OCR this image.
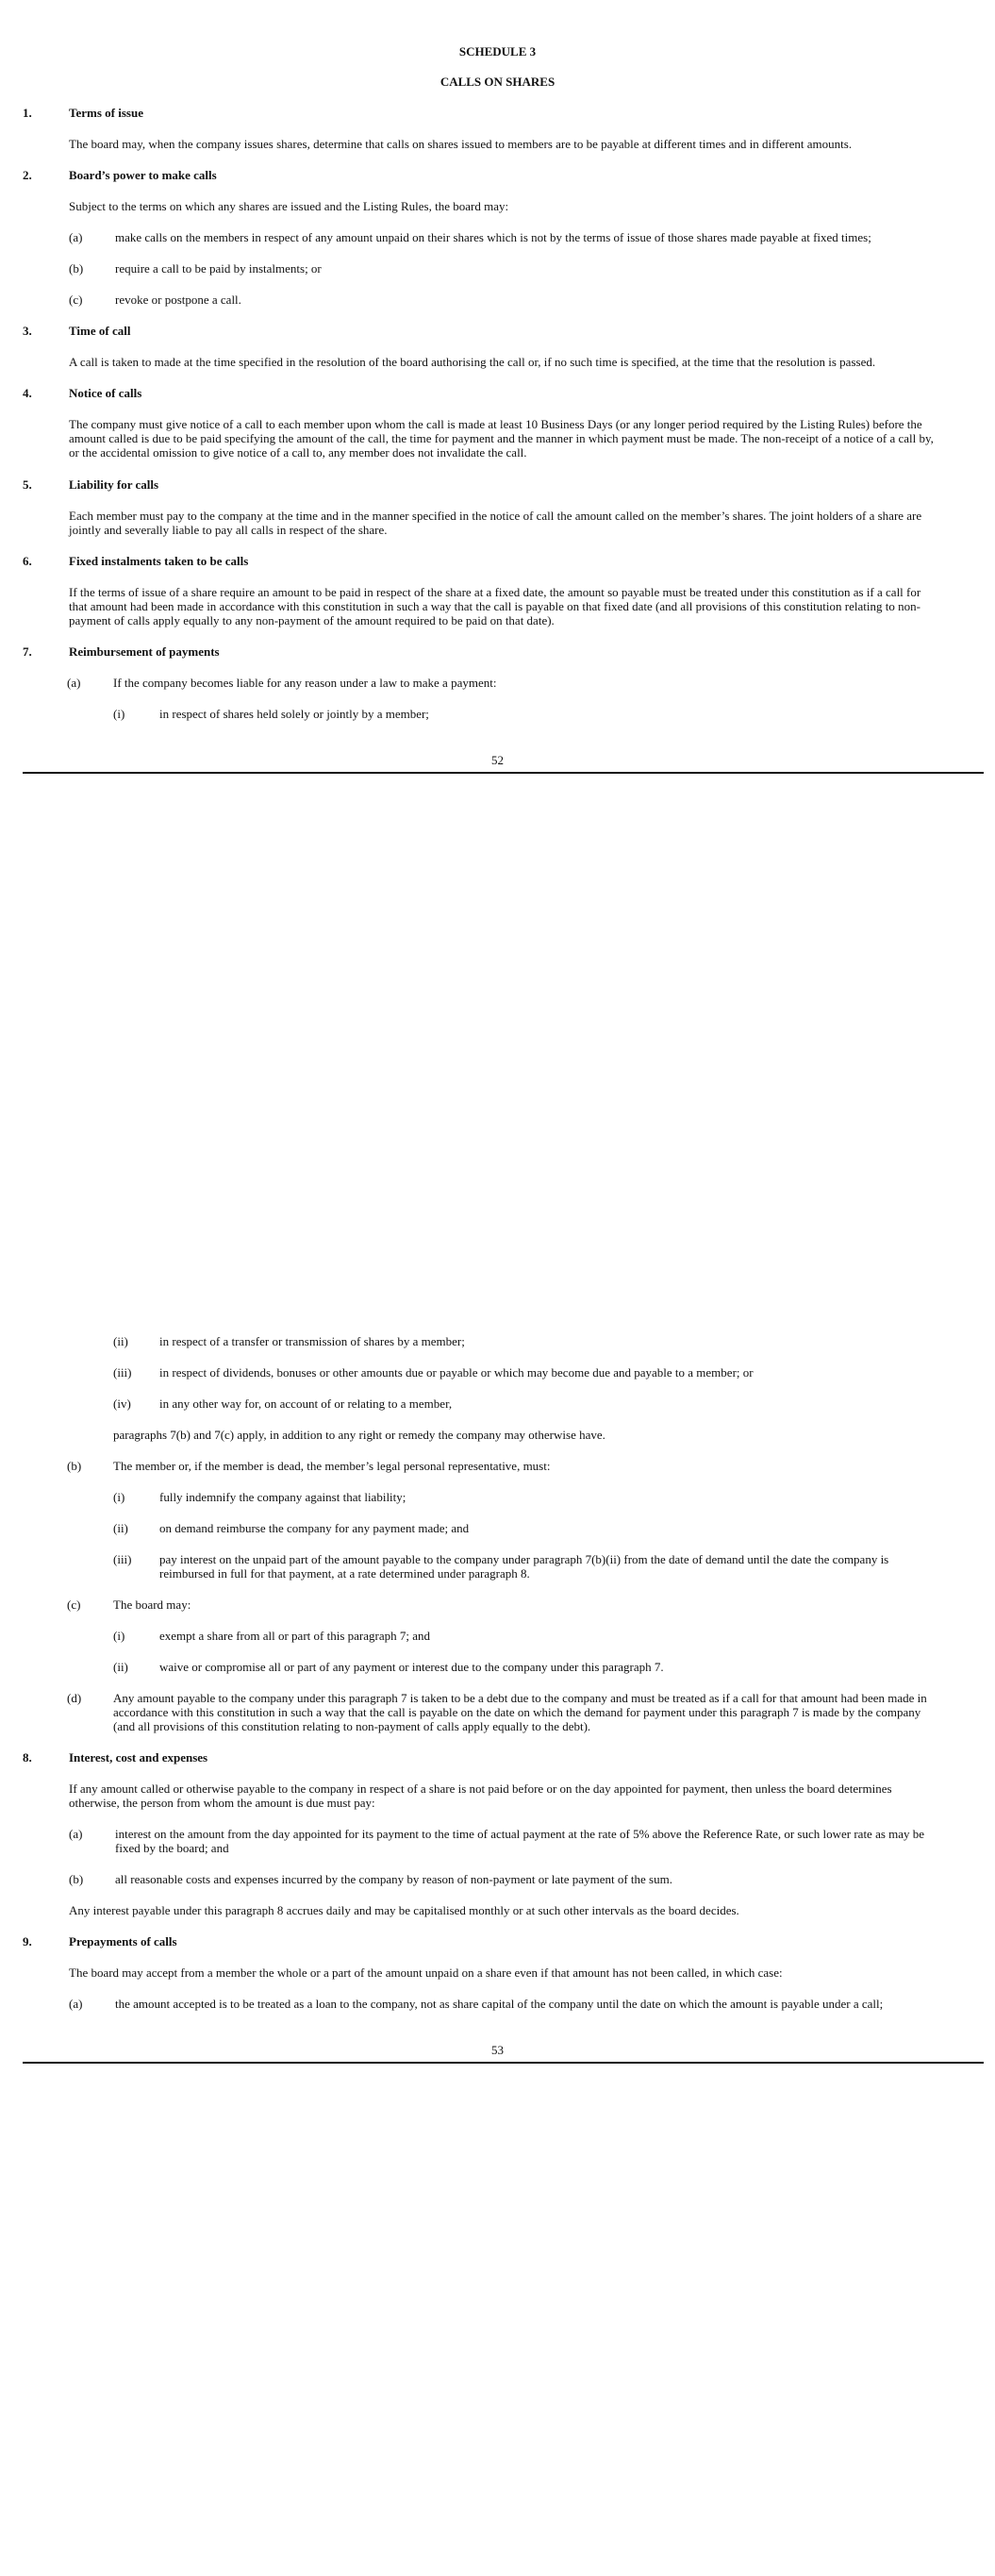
SCHEDULE 3
CALLS ON SHARES
1.	Terms of issue
The board may, when the company issues shares, determine that calls on shares issued to members are to be payable at different times and in different amounts.
2.	Board’s power to make calls
Subject to the terms on which any shares are issued and the Listing Rules, the board may:
(a)	make calls on the members in respect of any amount unpaid on their shares which is not by the terms of issue of those shares made payable at fixed times;
(b)	require a call to be paid by instalments; or
(c)	revoke or postpone a call.
3.	Time of call
A call is taken to made at the time specified in the resolution of the board authorising the call or, if no such time is specified, at the time that the resolution is passed.
4.	Notice of calls
The company must give notice of a call to each member upon whom the call is made at least 10 Business Days (or any longer period required by the Listing Rules) before the
amount called is due to be paid specifying the amount of the call, the time for payment and the manner in which payment must be made. The non-receipt of a notice of a call by,
or the accidental omission to give notice of a call to, any member does not invalidate the call.
5.	Liability for calls
Each member must pay to the company at the time and in the manner specified in the notice of call the amount called on the member’s shares. The joint holders of a share are
jointly and severally liable to pay all calls in respect of the share.
6.	Fixed instalments taken to be calls
If the terms of issue of a share require an amount to be paid in respect of the share at a fixed date, the amount so payable must be treated under this constitution as if a call for
that amount had been made in accordance with this constitution in such a way that the call is payable on that fixed date (and all provisions of this constitution relating to non-
payment of calls apply equally to any non-payment of the amount required to be paid on that date).
7.	Reimbursement of payments
(a)	If the company becomes liable for any reason under a law to make a payment:
(i)	in respect of shares held solely or jointly by a member;
52
(ii)	in respect of a transfer or transmission of shares by a member;
(iii) in respect of dividends, bonuses or other amounts due or payable or which may become due and payable to a member; or
(iv) in any other way for, on account of or relating to a member,
paragraphs 7(b) and 7(c) apply, in addition to any right or remedy the company may otherwise have.
(b)	The member or, if the member is dead, the member’s legal personal representative, must:
(i)	fully indemnify the company against that liability;
(ii)	on demand reimburse the company for any payment made; and
(iii) pay interest on the unpaid part of the amount payable to the company under paragraph 7(b)(ii) from the date of demand until the date the company is
reimbursed in full for that payment, at a rate determined under paragraph 8.
(c)	The board may:
(i)	exempt a share from all or part of this paragraph 7; and
(ii)	waive or compromise all or part of any payment or interest due to the company under this paragraph 7.
(d)	Any amount payable to the company under this paragraph 7 is taken to be a debt due to the company and must be treated as if a call for that amount had been made in
accordance with this constitution in such a way that the call is payable on the date on which the demand for payment under this paragraph 7 is made by the company
(and all provisions of this constitution relating to non-payment of calls apply equally to the debt).
8.	Interest, cost and expenses
If any amount called or otherwise payable to the company in respect of a share is not paid before or on the day appointed for payment, then unless the board determines
otherwise, the person from whom the amount is due must pay:
(a)	interest on the amount from the day appointed for its payment to the time of actual payment at the rate of 5% above the Reference Rate, or such lower rate as may be
fixed by the board; and
(b)	all reasonable costs and expenses incurred by the company by reason of non-payment or late payment of the sum.
Any interest payable under this paragraph 8 accrues daily and may be capitalised monthly or at such other intervals as the board decides.
9.	Prepayments of calls
The board may accept from a member the whole or a part of the amount unpaid on a share even if that amount has not been called, in which case:
(a)	the amount accepted is to be treated as a loan to the company, not as share capital of the company until the date on which the amount is payable under a call;
53
